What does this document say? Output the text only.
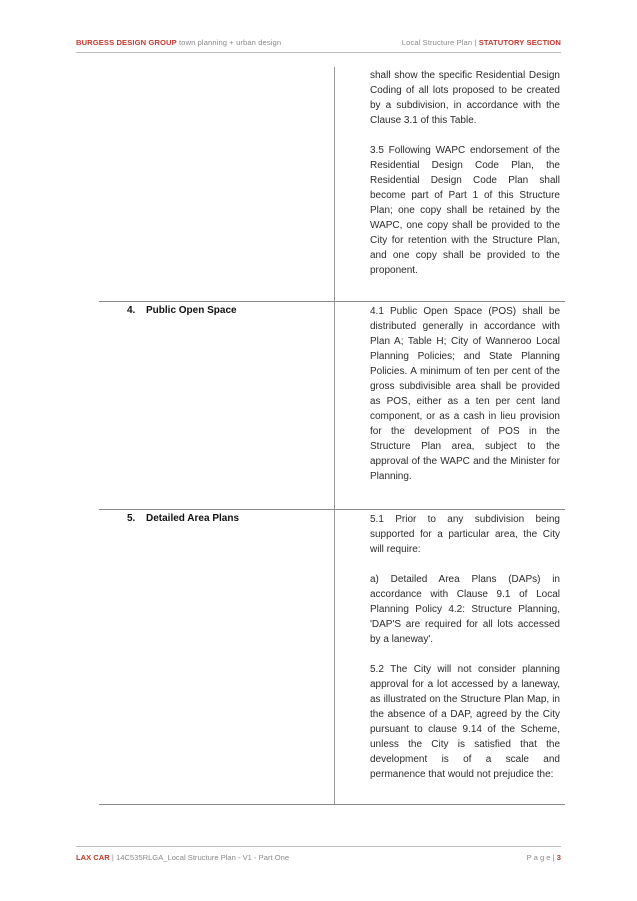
BURGESS DESIGN GROUP town planning + urban design	Local Structure Plan | STATUTORY SECTION

shall show the specific Residential Design Coding of all lots proposed to be created by a subdivision, in accordance with the Clause 3.1 of this Table.

3.5 Following WAPC endorsement of the Residential Design Code Plan, the Residential Design Code Plan shall become part of Part 1 of this Structure Plan; one copy shall be retained by the WAPC, one copy shall be provided to the City for retention with the Structure Plan, and one copy shall be provided to the proponent.

4. Public Open Space	4.1 Public Open Space (POS) shall be distributed generally in accordance with Plan A; Table H; City of Wanneroo Local Planning Policies; and State Planning Policies. A minimum of ten per cent of the gross subdivisible area shall be provided as POS, either as a ten per cent land component, or as a cash in lieu provision for the development of POS in the Structure Plan area, subject to the approval of the WAPC and the Minister for Planning.

5. Detailed Area Plans	5.1 Prior to any subdivision being supported for a particular area, the City will require:

a) Detailed Area Plans (DAPs) in accordance with Clause 9.1 of Local Planning Policy 4.2: Structure Planning, 'DAP'S are required for all lots accessed by a laneway'.

5.2 The City will not consider planning approval for a lot accessed by a laneway, as illustrated on the Structure Plan Map, in the absence of a DAP, agreed by the City pursuant to clause 9.14 of the Scheme, unless the City is satisfied that the development is of a scale and permanence that would not prejudice the:

LAX CAR | 14C535RLGA_Local Structure Plan - V1 - Part One	P a g e | 3
